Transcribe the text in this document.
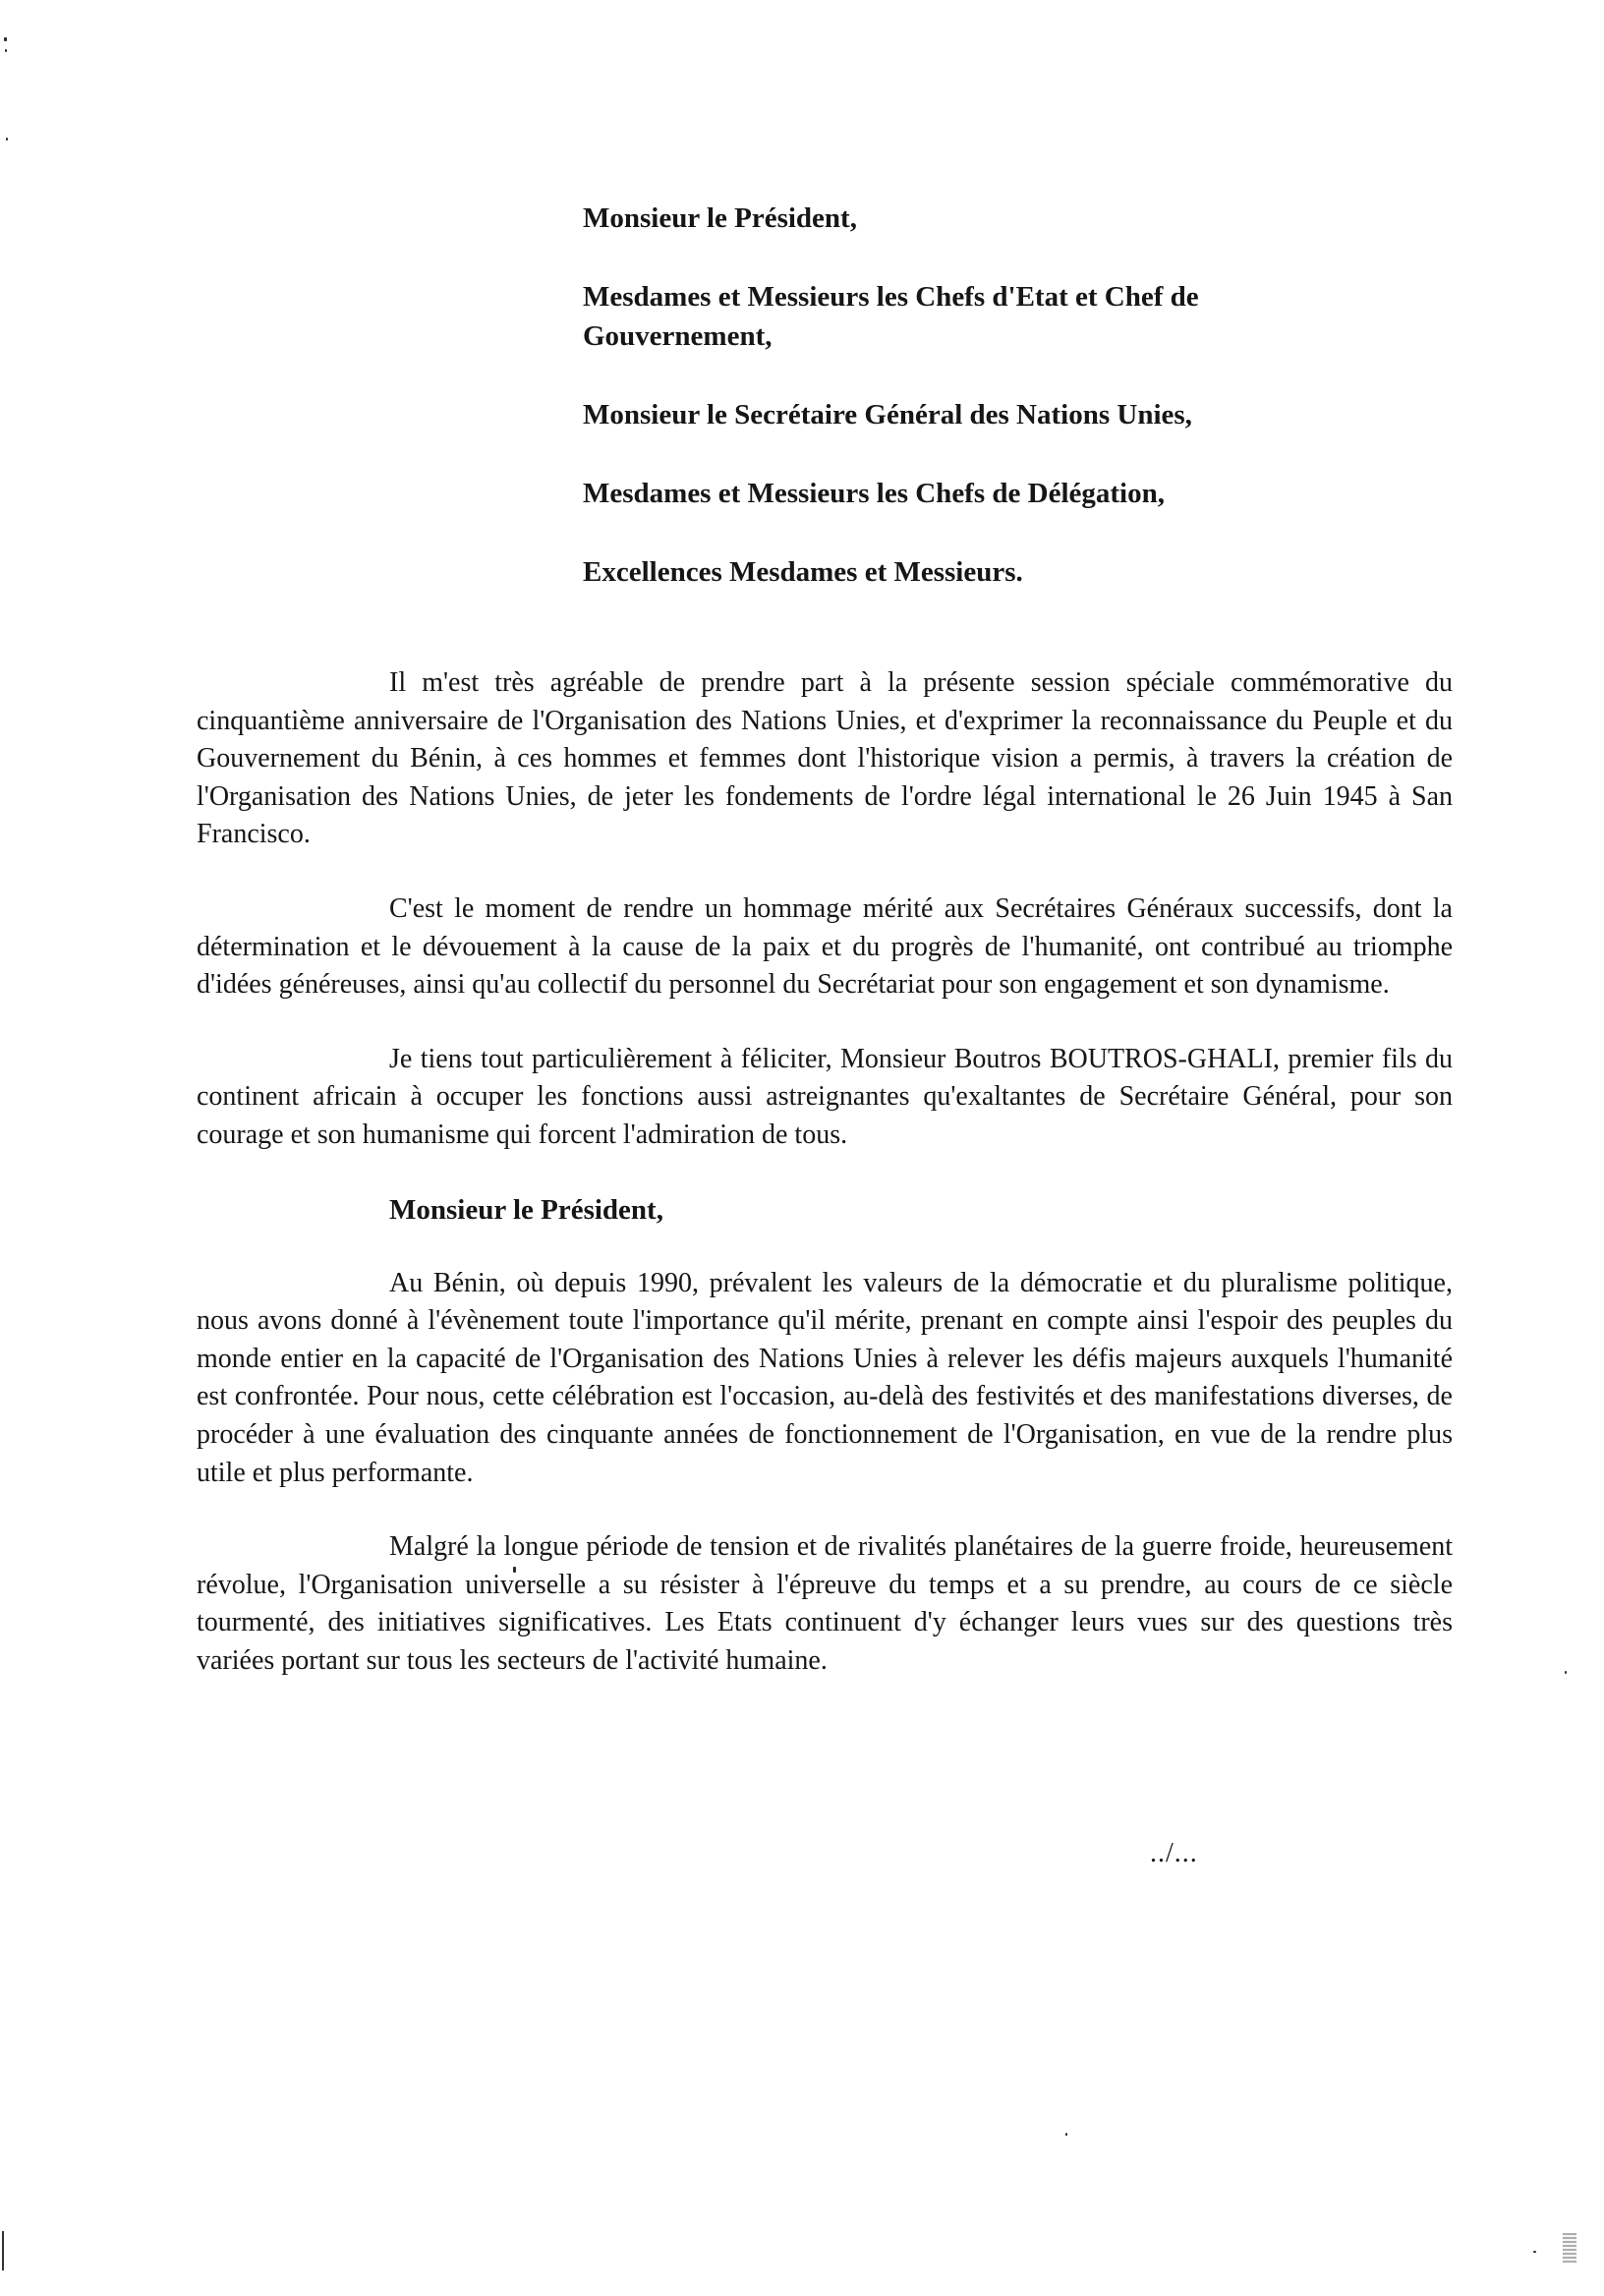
Monsieur le Président,

Mesdames et Messieurs les Chefs d'Etat et Chef de Gouvernement,

Monsieur le Secrétaire Général des Nations Unies,

Mesdames et Messieurs les Chefs de Délégation,

Excellences Mesdames et Messieurs.

Il m'est très agréable de prendre part à la présente session spéciale commémorative du cinquantième anniversaire de l'Organisation des Nations Unies, et d'exprimer la reconnaissance du Peuple et du Gouvernement du Bénin, à ces hommes et femmes dont l'historique vision a permis, à travers la création de l'Organisation des Nations Unies, de jeter les fondements de l'ordre légal international le 26 Juin 1945 à San Francisco.

C'est le moment de rendre un hommage mérité aux Secrétaires Généraux successifs, dont la détermination et le dévouement à la cause de la paix et du progrès de l'humanité, ont contribué au triomphe d'idées généreuses, ainsi qu'au collectif du personnel du Secrétariat pour son engagement et son dynamisme.

Je tiens tout particulièrement à féliciter, Monsieur Boutros BOUTROS-GHALI, premier fils du continent africain à occuper les fonctions aussi astreignantes qu'exaltantes de Secrétaire Général, pour son courage et son humanisme qui forcent l'admiration de tous.

Monsieur le Président,

Au Bénin, où depuis 1990, prévalent les valeurs de la démocratie et du pluralisme politique, nous avons donné à l'évènement toute l'importance qu'il mérite, prenant en compte ainsi l'espoir des peuples du monde entier en la capacité de l'Organisation des Nations Unies à relever les défis majeurs auxquels l'humanité est confrontée. Pour nous, cette célébration est l'occasion, au-delà des festivités et des manifestations diverses, de procéder à une évaluation des cinquante années de fonctionnement de l'Organisation, en vue de la rendre plus utile et plus performante.

Malgré la longue période de tension et de rivalités planétaires de la guerre froide, heureusement révolue, l'Organisation universelle a su résister à l'épreuve du temps et a su prendre, au cours de ce siècle tourmenté, des initiatives significatives. Les Etats continuent d'y échanger leurs vues sur des questions très variées portant sur tous les secteurs de l'activité humaine.

../...
